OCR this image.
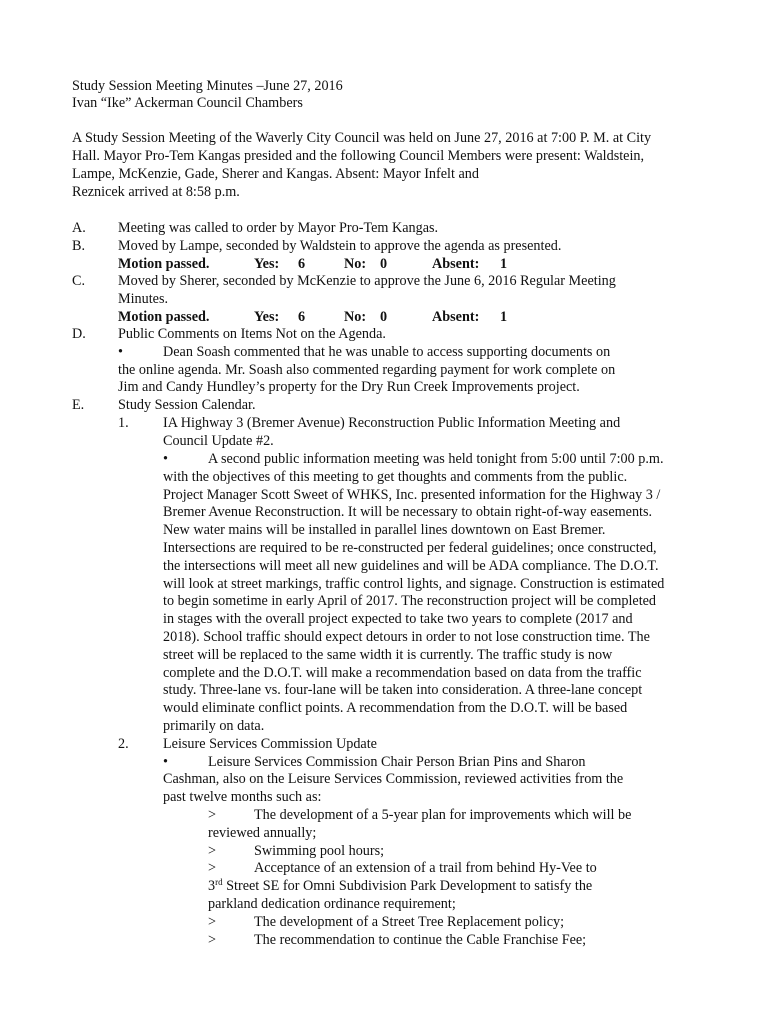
Study Session Meeting Minutes –June 27, 2016
Ivan “Ike” Ackerman Council Chambers
A Study Session Meeting of the Waverly City Council was held on June 27, 2016 at 7:00 P. M. at City
Hall. Mayor Pro-Tem Kangas presided and the following Council Members were present: Waldstein,
Lampe, McKenzie, Gade, Sherer and Kangas. Absent: Mayor Infelt and
Reznicek arrived at 8:58 p.m.
A. Meeting was called to order by Mayor Pro-Tem Kangas.
B. Moved by Lampe, seconded by Waldstein to approve the agenda as presented.
Motion passed.	Yes: 6	No: 0	Absent: 1
C. Moved by Sherer, seconded by McKenzie to approve the June 6, 2016 Regular Meeting
Minutes.
Motion passed.	Yes: 6	No: 0	Absent: 1
D. Public Comments on Items Not on the Agenda.
•	Dean Soash commented that he was unable to access supporting documents on
the online agenda. Mr. Soash also commented regarding payment for work complete on
Jim and Candy Hundley’s property for the Dry Run Creek Improvements project.
E. Study Session Calendar.
1. IA Highway 3 (Bremer Avenue) Reconstruction Public Information Meeting and
Council Update #2.
•	A second public information meeting was held tonight from 5:00 until 7:00 p.m.
with the objectives of this meeting to get thoughts and comments from the public.
Project Manager Scott Sweet of WHKS, Inc. presented information for the Highway 3 /
Bremer Avenue Reconstruction. It will be necessary to obtain right-of-way easements.
New water mains will be installed in parallel lines downtown on East Bremer.
Intersections are required to be re-constructed per federal guidelines; once constructed,
the intersections will meet all new guidelines and will be ADA compliance. The D.O.T.
will look at street markings, traffic control lights, and signage. Construction is estimated
to begin sometime in early April of 2017. The reconstruction project will be completed
in stages with the overall project expected to take two years to complete (2017 and
2018). School traffic should expect detours in order to not lose construction time. The
street will be replaced to the same width it is currently. The traffic study is now
complete and the D.O.T. will make a recommendation based on data from the traffic
study. Three-lane vs. four-lane will be taken into consideration. A three-lane concept
would eliminate conflict points. A recommendation from the D.O.T. will be based
primarily on data.
2. Leisure Services Commission Update
•	Leisure Services Commission Chair Person Brian Pins and Sharon
Cashman, also on the Leisure Services Commission, reviewed activities from the
past twelve months such as:
>	The development of a 5-year plan for improvements which will be
reviewed annually;
>	Swimming pool hours;
>	Acceptance of an extension of a trail from behind Hy-Vee to
3rd Street SE for Omni Subdivision Park Development to satisfy the
parkland dedication ordinance requirement;
>	The development of a Street Tree Replacement policy;
>	The recommendation to continue the Cable Franchise Fee;
